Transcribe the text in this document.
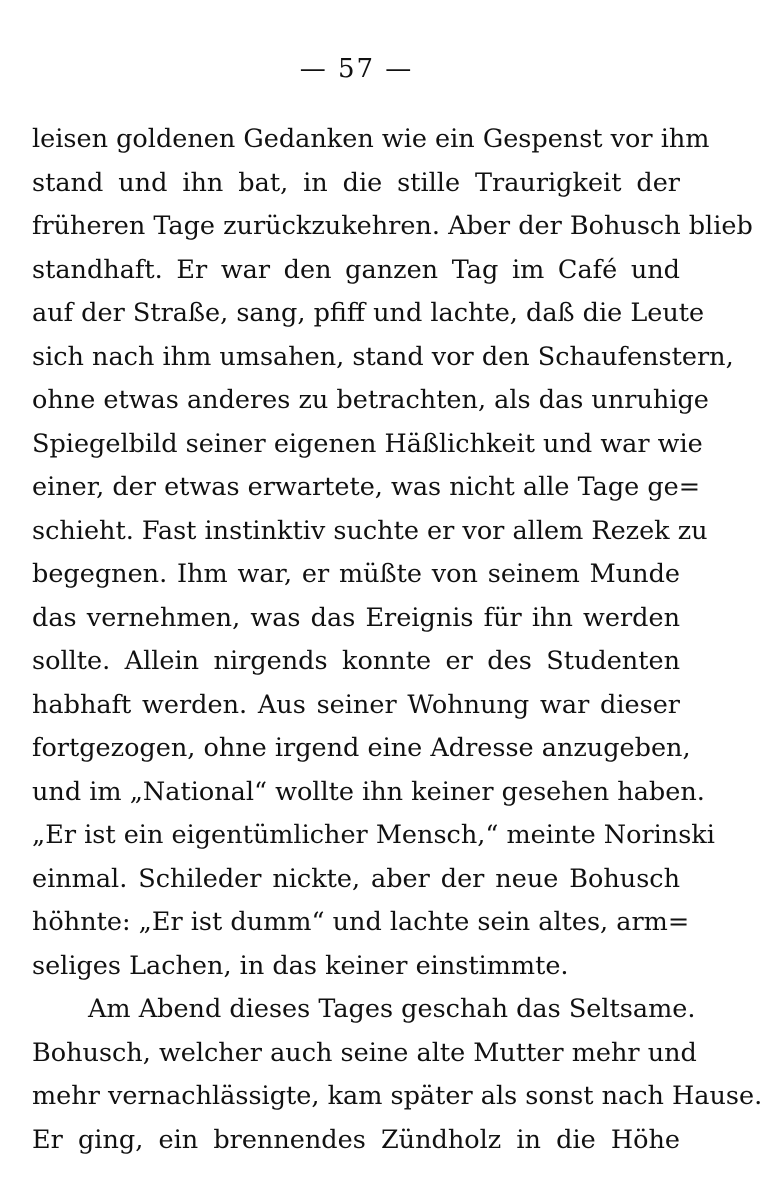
— 57 —
leisen goldenen Gedanken wie ein Gespenst vor ihm
stand und ihn bat, in die stille Traurigkeit der
früheren Tage zurückzukehren. Aber der Bohusch blieb
standhaft. Er war den ganzen Tag im Café und
auf der Straße, sang, pfiff und lachte, daß die Leute
sich nach ihm umsahen, stand vor den Schaufenstern,
ohne etwas anderes zu betrachten, als das unruhige
Spiegelbild seiner eigenen Häßlichkeit und war wie
einer, der etwas erwartete, was nicht alle Tage ge=
schieht. Fast instinktiv suchte er vor allem Rezek zu
begegnen. Ihm war, er müßte von seinem Munde
das vernehmen, was das Ereignis für ihn werden
sollte. Allein nirgends konnte er des Studenten
habhaft werden. Aus seiner Wohnung war dieser
fortgezogen, ohne irgend eine Adresse anzugeben,
und im „National“ wollte ihn keiner gesehen haben.
„Er ist ein eigentümlicher Mensch,“ meinte Norinski
einmal. Schileder nickte, aber der neue Bohusch
höhnte: „Er ist dumm“ und lachte sein altes, arm=
seliges Lachen, in das keiner einstimmte.
Am Abend dieses Tages geschah das Seltsame.
Bohusch, welcher auch seine alte Mutter mehr und
mehr vernachlässigte, kam später als sonst nach Hause.
Er ging, ein brennendes Zündholz in die Höhe
